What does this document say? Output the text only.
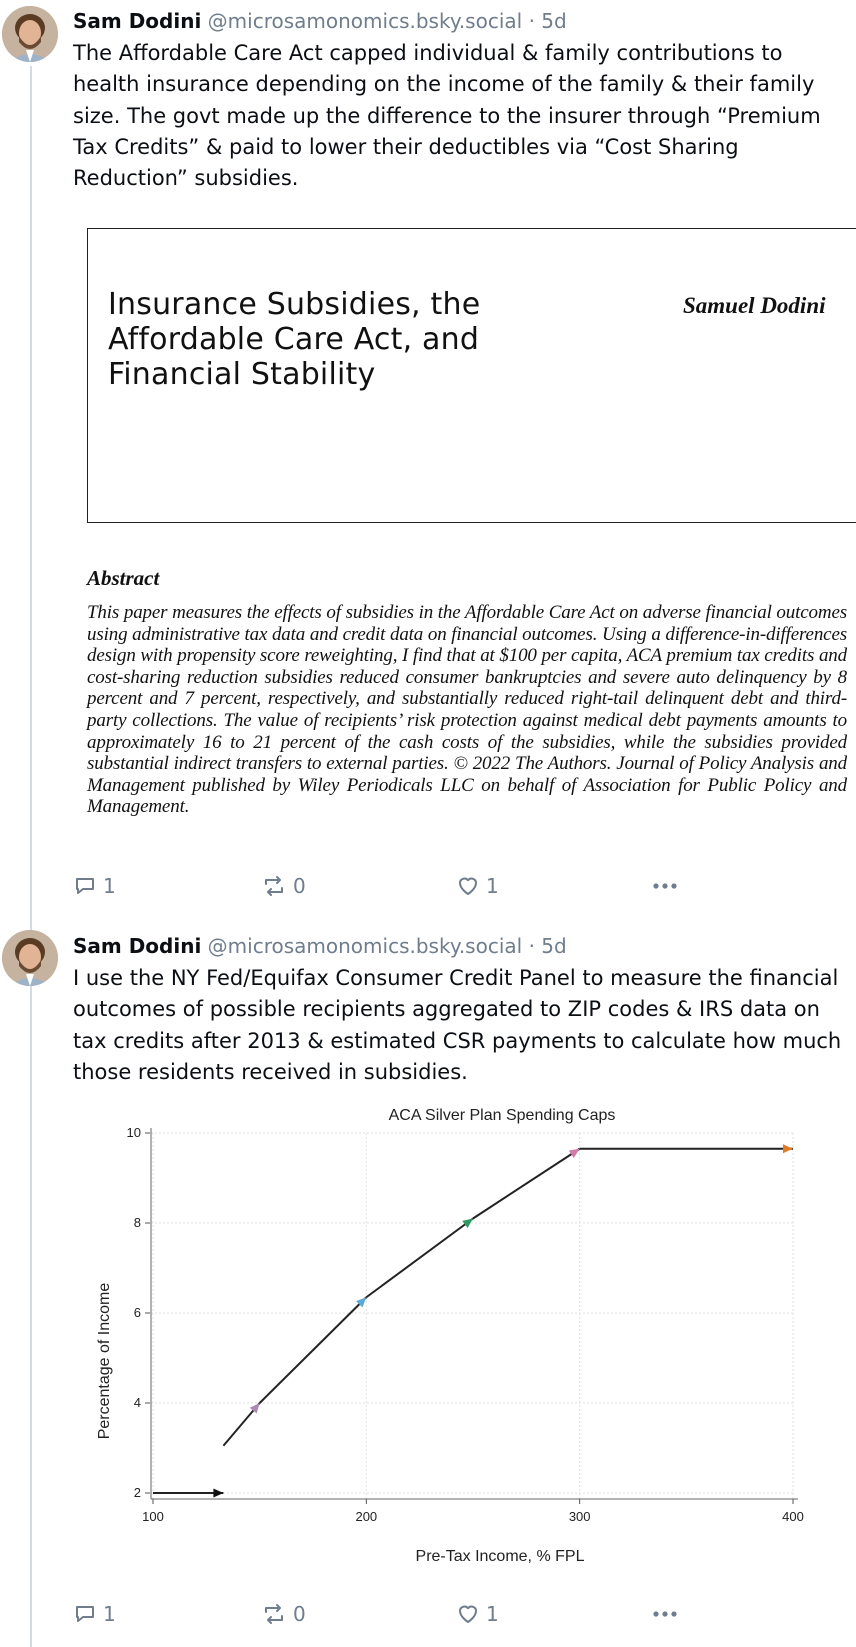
Sam Dodini @microsamonomics.bsky.social · 5d
The Affordable Care Act capped individual & family contributions to health insurance depending on the income of the family & their family size. The govt made up the difference to the insurer through “Premium Tax Credits” & paid to lower their deductibles via “Cost Sharing Reduction” subsidies.
Insurance Subsidies, the Affordable Care Act, and Financial Stability
Samuel Dodini
Abstract
This paper measures the effects of subsidies in the Affordable Care Act on adverse financial outcomes using administrative tax data and credit data on financial outcomes. Using a difference-in-differences design with propensity score reweighting, I find that at $100 per capita, ACA premium tax credits and cost-sharing reduction subsidies reduced consumer bankruptcies and severe auto delinquency by 8 percent and 7 percent, respectively, and substantially reduced right-tail delinquent debt and third-party collections. The value of recipients’ risk protection against medical debt payments amounts to approximately 16 to 21 percent of the cash costs of the subsidies, while the subsidies provided substantial indirect transfers to external parties. © 2022 The Authors. Journal of Policy Analysis and Management published by Wiley Periodicals LLC on behalf of Association for Public Policy and Management.
1	0	1
Sam Dodini @microsamonomics.bsky.social · 5d
I use the NY Fed/Equifax Consumer Credit Panel to measure the financial outcomes of possible recipients aggregated to ZIP codes & IRS data on tax credits after 2013 & estimated CSR payments to calculate how much those residents received in subsidies.
ACA Silver Plan Spending Caps
100	200	300	400
2
4
6
8
10
Pre-Tax Income, % FPL
Percentage of Income
1	0	1
